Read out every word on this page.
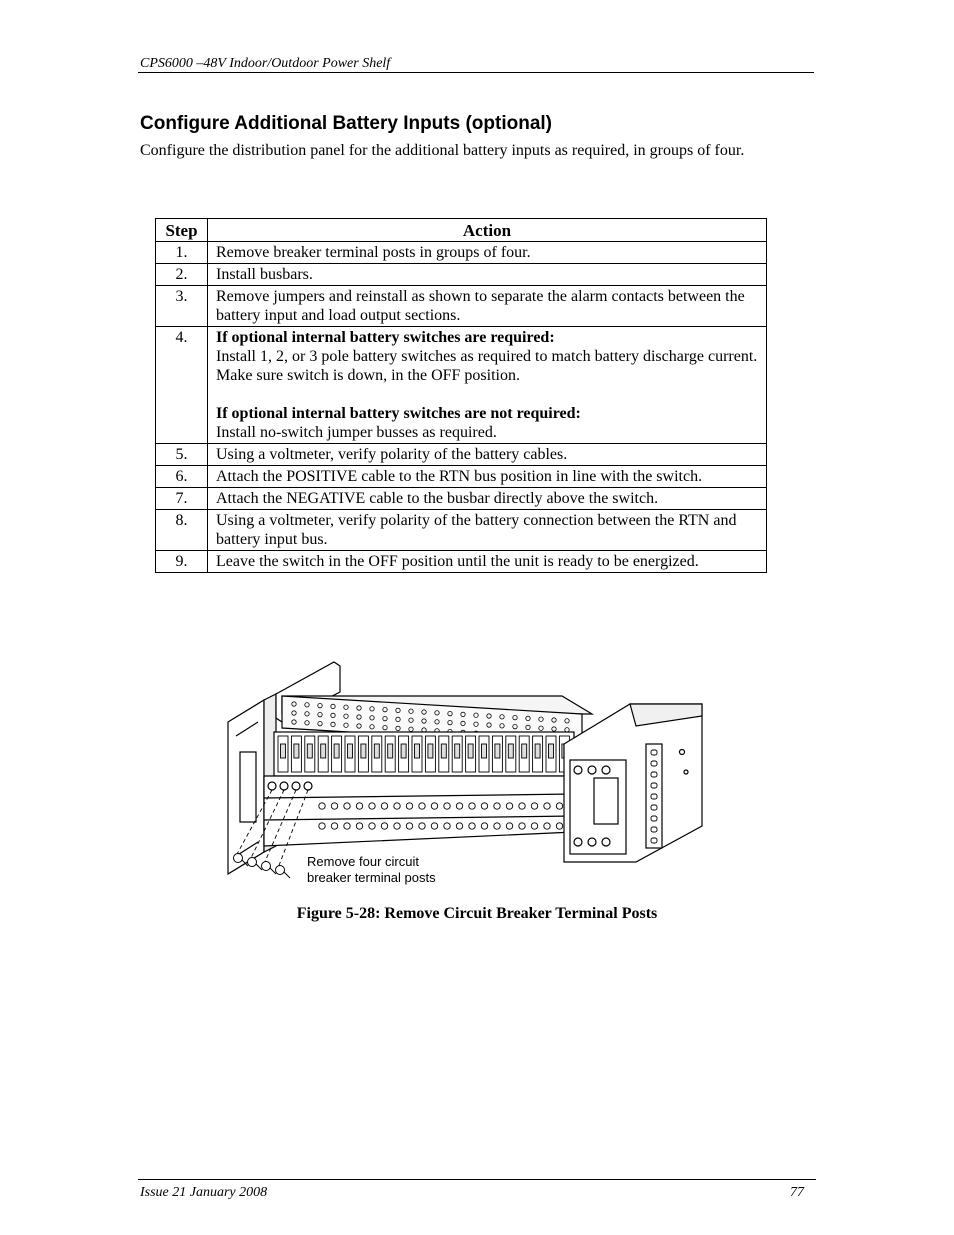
CPS6000 –48V Indoor/Outdoor Power Shelf
Configure Additional Battery Inputs (optional)
Configure the distribution panel for the additional battery inputs as required, in groups of four.
Step	Action
1.	Remove breaker terminal posts in groups of four.
2.	Install busbars.
3.	Remove jumpers and reinstall as shown to separate the alarm contacts between the battery input and load output sections.
4.	If optional internal battery switches are required:
Install 1, 2, or 3 pole battery switches as required to match battery discharge current. Make sure switch is down, in the OFF position.
If optional internal battery switches are not required:
Install no-switch jumper busses as required.

5.	Using a voltmeter, verify polarity of the battery cables.
6.	Attach the POSITIVE cable to the RTN bus position in line with the switch.
7.	Attach the NEGATIVE cable to the busbar directly above the switch.
8.	Using a voltmeter, verify polarity of the battery connection between the RTN and battery input bus.
9.	Leave the switch in the OFF position until the unit is ready to be energized.
Remove four circuit
breaker terminal posts
Figure 5-28: Remove Circuit Breaker Terminal Posts
Issue 21 January 2008	77
